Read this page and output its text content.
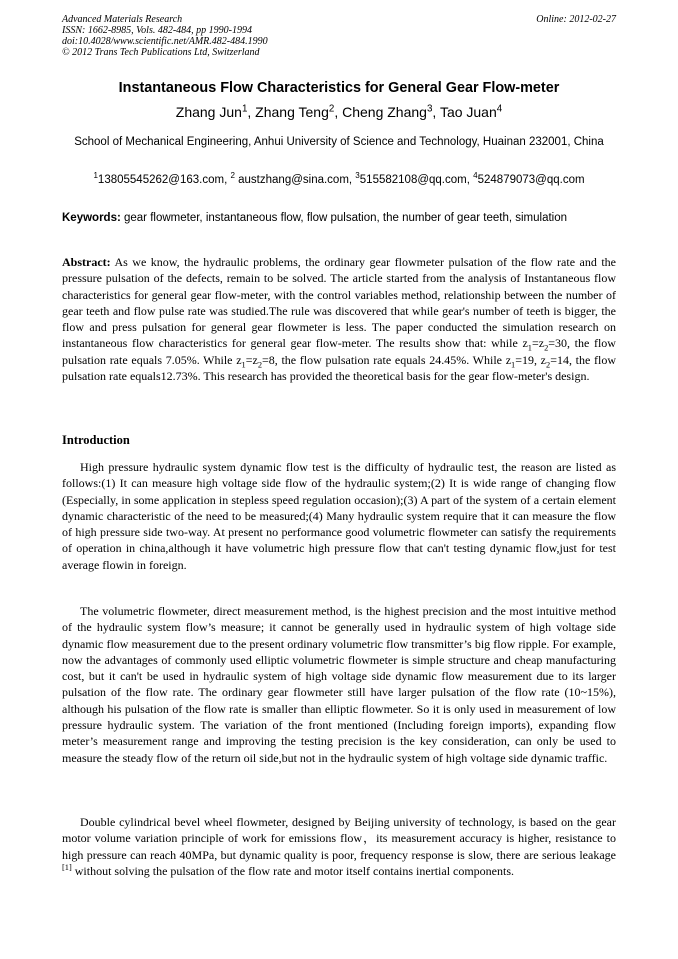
Advanced Materials Research
ISSN: 1662-8985, Vols. 482-484, pp 1990-1994
doi:10.4028/www.scientific.net/AMR.482-484.1990
© 2012 Trans Tech Publications Ltd, Switzerland
Online: 2012-02-27
Instantaneous Flow Characteristics for General Gear Flow-meter
Zhang Jun$^1$, Zhang Teng$^2$, Cheng Zhang$^3$, Tao Juan$^4$
School of Mechanical Engineering, Anhui University of Science and Technology, Huainan 232001, China
$^1$13805545262@163.com, $^2$ austzhang@sina.com, $^3$515582108@qq.com, $^4$524879073@qq.com
Keywords: gear flowmeter, instantaneous flow, flow pulsation, the number of gear teeth, simulation
Abstract: As we know, the hydraulic problems, the ordinary gear flowmeter pulsation of the flow rate and the pressure pulsation of the defects, remain to be solved. The article started from the analysis of Instantaneous flow characteristics for general gear flow-meter, with the control variables method, relationship between the number of gear teeth and flow pulse rate was studied.The rule was discovered that while gear's number of teeth is bigger, the flow and press pulsation for general gear flowmeter is less. The paper conducted the simulation research on instantaneous flow characteristics for general gear flow-meter. The results show that: while $z_1=z_2=30$, the flow pulsation rate equals 7.05%. While $z_1=z_2=8$, the flow pulsation rate equals 24.45%. While $z_1=19$, $z_2=14$, the flow pulsation rate equals12.73%. This research has provided the theoretical basis for the gear flow-meter's design.
Introduction
High pressure hydraulic system dynamic flow test is the difficulty of hydraulic test, the reason are listed as follows:(1) It can measure high voltage side flow of the hydraulic system;(2) It is wide range of changing flow (Especially, in some application in stepless speed regulation occasion);(3) A part of the system of a certain element dynamic characteristic of the need to be measured;(4) Many hydraulic system require that it can measure the flow of high pressure side two-way. At present no performance good volumetric flowmeter can satisfy the requirements of operation in china,although it have volumetric high pressure flow that can't testing dynamic flow,just for test average flowin in foreign.
The volumetric flowmeter, direct measurement method, is the highest precision and the most intuitive method of the hydraulic system flow’s measure; it cannot be generally used in hydraulic system of high voltage side dynamic flow measurement due to the present ordinary volumetric flow transmitter’s big flow ripple. For example, now the advantages of commonly used elliptic volumetric flowmeter is simple structure and cheap manufacturing cost, but it can't be used in hydraulic system of high voltage side dynamic flow measurement due to its larger pulsation of the flow rate. The ordinary gear flowmeter still have larger pulsation of the flow rate (10~15%), although his pulsation of the flow rate is smaller than elliptic flowmeter. So it is only used in measurement of low pressure hydraulic system. The variation of the front mentioned (Including foreign imports), expanding flow meter’s measurement range and improving the testing precision is the key consideration, can only be used to measure the steady flow of the return oil side,but not in the hydraulic system of high voltage side dynamic traffic.
Double cylindrical bevel wheel flowmeter, designed by Beijing university of technology, is based on the gear motor volume variation principle of work for emissions flow，its measurement accuracy is higher, resistance to high pressure can reach 40MPa, but dynamic quality is poor, frequency response is slow, there are serious leakage [1] without solving the pulsation of the flow rate and motor itself contains inertial components.
